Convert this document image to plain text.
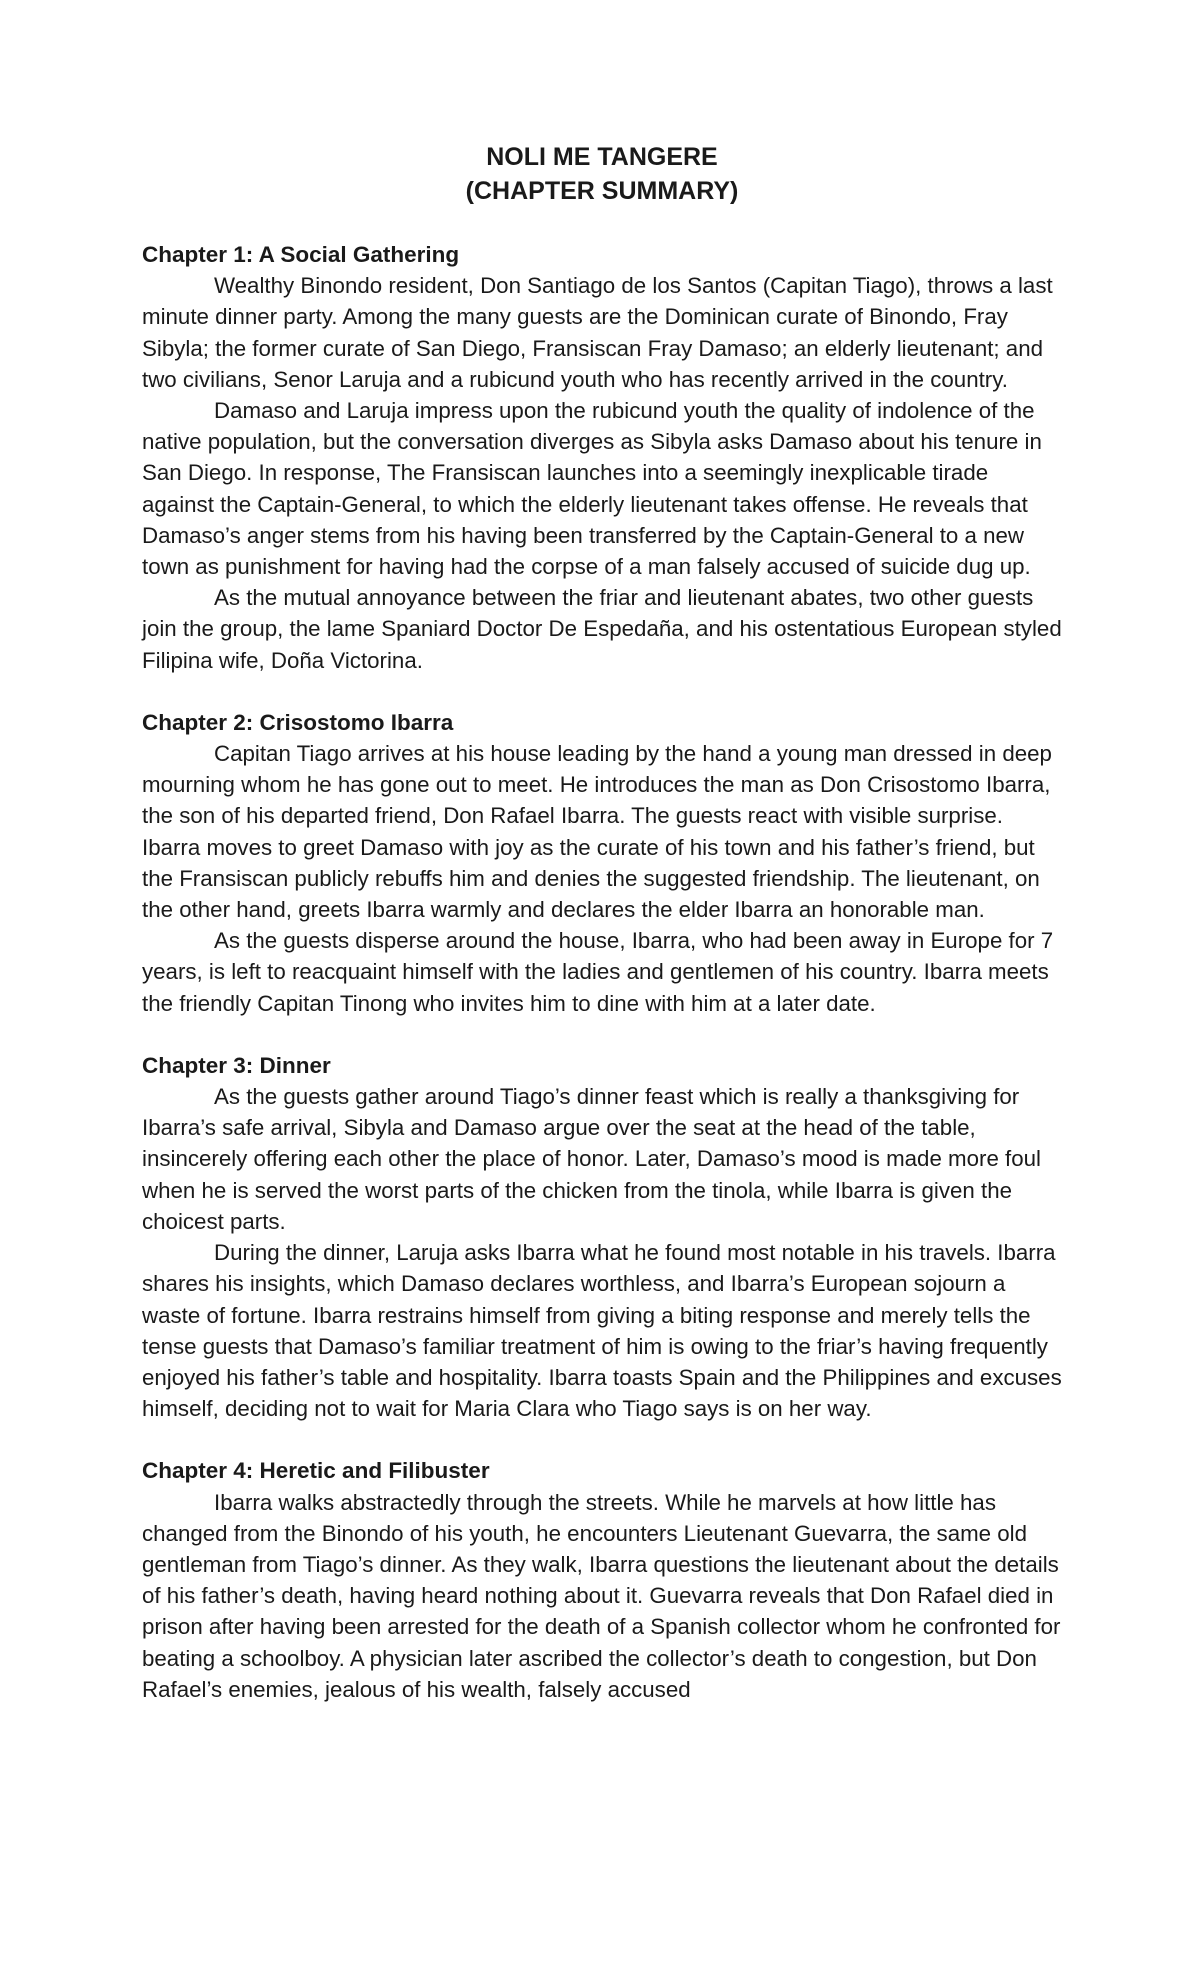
NOLI ME TANGERE
(CHAPTER SUMMARY)
Chapter 1: A Social Gathering

Wealthy Binondo resident, Don Santiago de los Santos (Capitan Tiago), throws a last minute dinner party. Among the many guests are the Dominican curate of Binondo, Fray Sibyla; the former curate of San Diego, Fransiscan Fray Damaso; an elderly lieutenant; and two civilians, Senor Laruja and a rubicund youth who has recently arrived in the country.

Damaso and Laruja impress upon the rubicund youth the quality of indolence of the native population, but the conversation diverges as Sibyla asks Damaso about his tenure in San Diego. In response, The Fransiscan launches into a seemingly inexplicable tirade against the Captain-General, to which the elderly lieutenant takes offense. He reveals that Damaso’s anger stems from his having been transferred by the Captain-General to a new town as punishment for having had the corpse of a man falsely accused of suicide dug up.

As the mutual annoyance between the friar and lieutenant abates, two other guests join the group, the lame Spaniard Doctor De Espedaña, and his ostentatious European styled Filipina wife, Doña Victorina.

Chapter 2: Crisostomo Ibarra

Capitan Tiago arrives at his house leading by the hand a young man dressed in deep mourning whom he has gone out to meet. He introduces the man as Don Crisostomo Ibarra, the son of his departed friend, Don Rafael Ibarra. The guests react with visible surprise. Ibarra moves to greet Damaso with joy as the curate of his town and his father’s friend, but the Fransiscan publicly rebuffs him and denies the suggested friendship. The lieutenant, on the other hand, greets Ibarra warmly and declares the elder Ibarra an honorable man.

As the guests disperse around the house, Ibarra, who had been away in Europe for 7 years, is left to reacquaint himself with the ladies and gentlemen of his country. Ibarra meets the friendly Capitan Tinong who invites him to dine with him at a later date.

Chapter 3: Dinner

As the guests gather around Tiago’s dinner feast which is really a thanksgiving for Ibarra’s safe arrival, Sibyla and Damaso argue over the seat at the head of the table, insincerely offering each other the place of honor. Later, Damaso’s mood is made more foul when he is served the worst parts of the chicken from the tinola, while Ibarra is given the choicest parts.

During the dinner, Laruja asks Ibarra what he found most notable in his travels. Ibarra shares his insights, which Damaso declares worthless, and Ibarra’s European sojourn a waste of fortune. Ibarra restrains himself from giving a biting response and merely tells the tense guests that Damaso’s familiar treatment of him is owing to the friar’s having frequently enjoyed his father’s table and hospitality. Ibarra toasts Spain and the Philippines and excuses himself, deciding not to wait for Maria Clara who Tiago says is on her way.

Chapter 4: Heretic and Filibuster

Ibarra walks abstractedly through the streets. While he marvels at how little has changed from the Binondo of his youth, he encounters Lieutenant Guevarra, the same old gentleman from Tiago’s dinner. As they walk, Ibarra questions the lieutenant about the details of his father’s death, having heard nothing about it. Guevarra reveals that Don Rafael died in prison after having been arrested for the death of a Spanish collector whom he confronted for beating a schoolboy. A physician later ascribed the collector’s death to congestion, but Don Rafael’s enemies, jealous of his wealth, falsely accused
